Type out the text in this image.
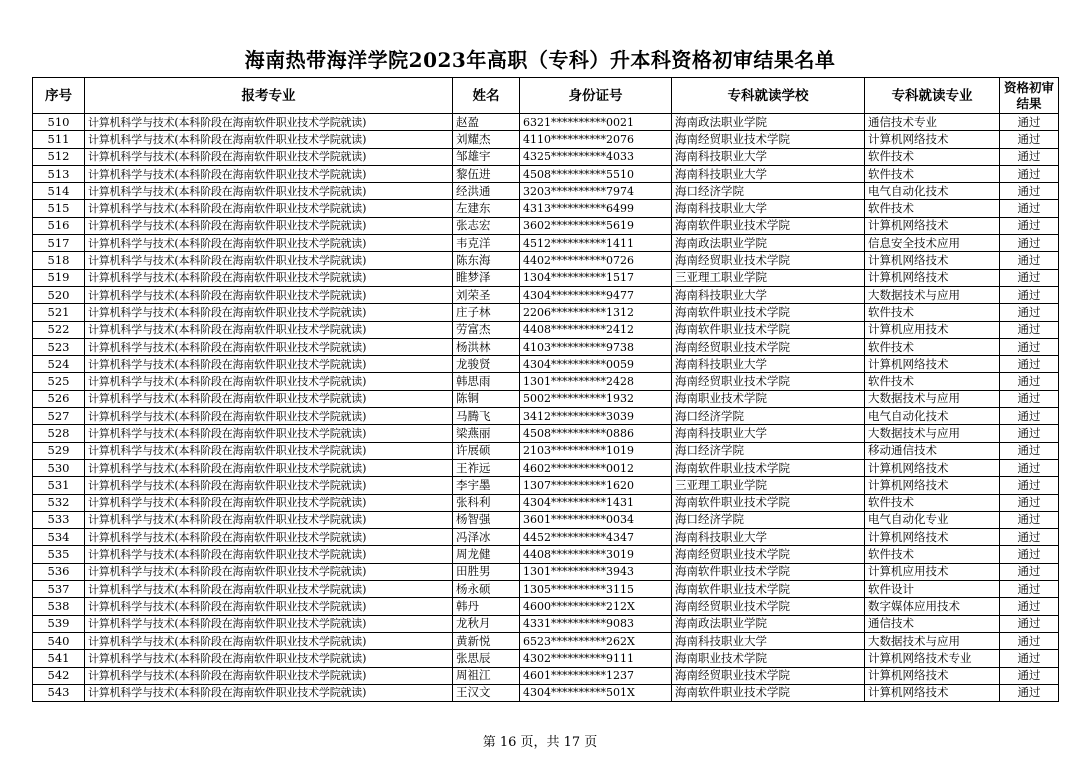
海南热带海洋学院2023年高职（专科）升本科资格初审结果名单
序号	报考专业	姓名	身份证号	专科就读学校	专科就读专业	资格初审结果
510	计算机科学与技术(本科阶段在海南软件职业技术学院就读)	赵盈	6321**********0021	海南政法职业学院	通信技术专业	通过
511	计算机科学与技术(本科阶段在海南软件职业技术学院就读)	刘耀杰	4110**********2076	海南经贸职业技术学院	计算机网络技术	通过
512	计算机科学与技术(本科阶段在海南软件职业技术学院就读)	邹雄宇	4325**********4033	海南科技职业大学	软件技术	通过
513	计算机科学与技术(本科阶段在海南软件职业技术学院就读)	黎伍进	4508**********5510	海南科技职业大学	软件技术	通过
514	计算机科学与技术(本科阶段在海南软件职业技术学院就读)	经洪通	3203**********7974	海口经济学院	电气自动化技术	通过
515	计算机科学与技术(本科阶段在海南软件职业技术学院就读)	左建东	4313**********6499	海南科技职业大学	软件技术	通过
516	计算机科学与技术(本科阶段在海南软件职业技术学院就读)	张志宏	3602**********5619	海南软件职业技术学院	计算机网络技术	通过
517	计算机科学与技术(本科阶段在海南软件职业技术学院就读)	韦克洋	4512**********1411	海南政法职业学院	信息安全技术应用	通过
518	计算机科学与技术(本科阶段在海南软件职业技术学院就读)	陈东海	4402**********0726	海南经贸职业技术学院	计算机网络技术	通过
519	计算机科学与技术(本科阶段在海南软件职业技术学院就读)	睢梦泽	1304**********1517	三亚理工职业学院	计算机网络技术	通过
520	计算机科学与技术(本科阶段在海南软件职业技术学院就读)	刘荣圣	4304**********9477	海南科技职业大学	大数据技术与应用	通过
521	计算机科学与技术(本科阶段在海南软件职业技术学院就读)	庄子林	2206**********1312	海南软件职业技术学院	软件技术	通过
522	计算机科学与技术(本科阶段在海南软件职业技术学院就读)	劳富杰	4408**********2412	海南软件职业技术学院	计算机应用技术	通过
523	计算机科学与技术(本科阶段在海南软件职业技术学院就读)	杨洪林	4103**********9738	海南经贸职业技术学院	软件技术	通过
524	计算机科学与技术(本科阶段在海南软件职业技术学院就读)	龙骏贤	4304**********0059	海南科技职业大学	计算机网络技术	通过
525	计算机科学与技术(本科阶段在海南软件职业技术学院就读)	韩思雨	1301**********2428	海南经贸职业技术学院	软件技术	通过
526	计算机科学与技术(本科阶段在海南软件职业技术学院就读)	陈铜	5002**********1932	海南职业技术学院	大数据技术与应用	通过
527	计算机科学与技术(本科阶段在海南软件职业技术学院就读)	马腾飞	3412**********3039	海口经济学院	电气自动化技术	通过
528	计算机科学与技术(本科阶段在海南软件职业技术学院就读)	梁燕丽	4508**********0886	海南科技职业大学	大数据技术与应用	通过
529	计算机科学与技术(本科阶段在海南软件职业技术学院就读)	许展硕	2103**********1019	海口经济学院	移动通信技术	通过
530	计算机科学与技术(本科阶段在海南软件职业技术学院就读)	王祚远	4602**********0012	海南软件职业技术学院	计算机网络技术	通过
531	计算机科学与技术(本科阶段在海南软件职业技术学院就读)	李宇墨	1307**********1620	三亚理工职业学院	计算机网络技术	通过
532	计算机科学与技术(本科阶段在海南软件职业技术学院就读)	张科利	4304**********1431	海南软件职业技术学院	软件技术	通过
533	计算机科学与技术(本科阶段在海南软件职业技术学院就读)	杨智强	3601**********0034	海口经济学院	电气自动化专业	通过
534	计算机科学与技术(本科阶段在海南软件职业技术学院就读)	冯泽冰	4452**********4347	海南科技职业大学	计算机网络技术	通过
535	计算机科学与技术(本科阶段在海南软件职业技术学院就读)	周龙健	4408**********3019	海南经贸职业技术学院	软件技术	通过
536	计算机科学与技术(本科阶段在海南软件职业技术学院就读)	田胜男	1301**********3943	海南软件职业技术学院	计算机应用技术	通过
537	计算机科学与技术(本科阶段在海南软件职业技术学院就读)	杨永硕	1305**********3115	海南软件职业技术学院	软件设计	通过
538	计算机科学与技术(本科阶段在海南软件职业技术学院就读)	韩丹	4600**********212X	海南经贸职业技术学院	数字媒体应用技术	通过
539	计算机科学与技术(本科阶段在海南软件职业技术学院就读)	龙秋月	4331**********9083	海南政法职业学院	通信技术	通过
540	计算机科学与技术(本科阶段在海南软件职业技术学院就读)	黄新悦	6523**********262X	海南科技职业大学	大数据技术与应用	通过
541	计算机科学与技术(本科阶段在海南软件职业技术学院就读)	张思辰	4302**********9111	海南职业技术学院	计算机网络技术专业	通过
542	计算机科学与技术(本科阶段在海南软件职业技术学院就读)	周祖江	4601**********1237	海南经贸职业技术学院	计算机网络技术	通过
543	计算机科学与技术(本科阶段在海南软件职业技术学院就读)	王汉文	4304**********501X	海南软件职业技术学院	计算机网络技术	通过
第 16 页，共 17 页
